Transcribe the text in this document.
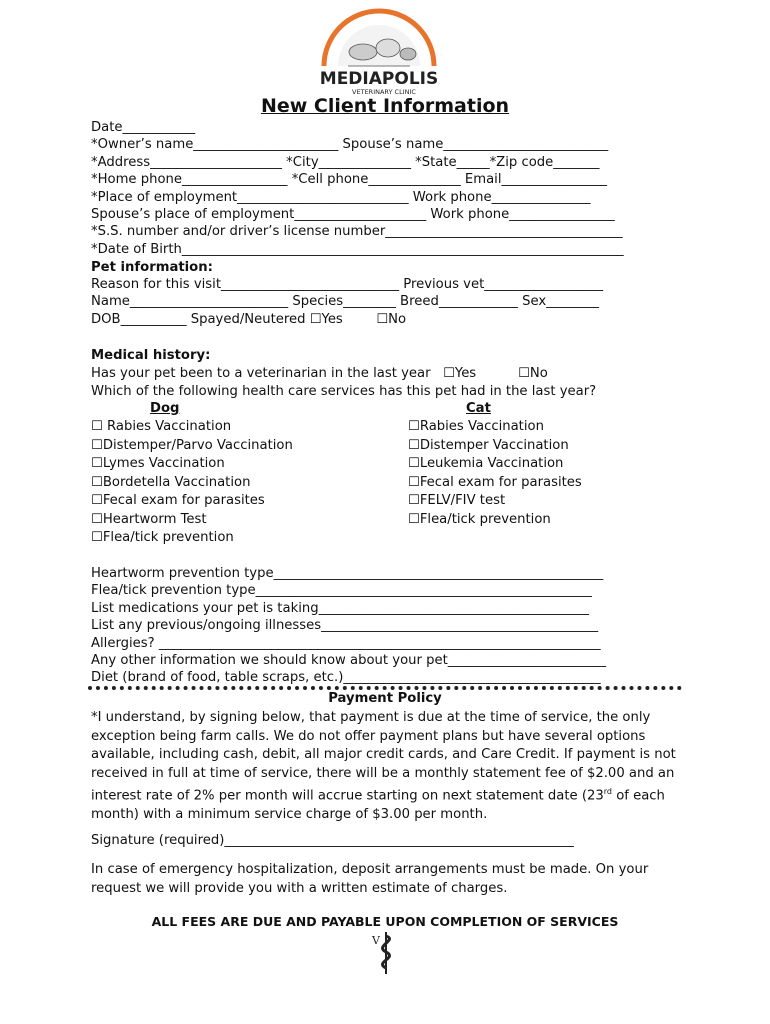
MEDIAPOLIS
VETERINARY CLINIC
New Client Information
Date___________
*Owner’s name______________________ Spouse’s name_________________________
*Address____________________ *City______________ *State_____*Zip code_______
*Home phone________________ *Cell phone______________ Email________________
*Place of employment__________________________ Work phone_______________
Spouse’s place of employment____________________ Work phone________________
*S.S. number and/or driver’s license number____________________________________
*Date of Birth___________________________________________________________________
Pet information:
Reason for this visit___________________________ Previous vet__________________
Name________________________ Species________ Breed____________ Sex________
DOB__________ Spayed/Neutered ☐Yes        ☐No
Medical history:
Has your pet been to a veterinarian in the last year   ☐Yes          ☐No
Which of the following health care services has this pet had in the last year?
Dog	Cat
☐ Rabies Vaccination
☐Distemper/Parvo Vaccination
☐Lymes Vaccination
☐Bordetella Vaccination
☐Fecal exam for parasites
☐Heartworm Test
☐Flea/tick prevention
☐Rabies Vaccination
☐Distemper Vaccination
☐Leukemia Vaccination
☐Fecal exam for parasites
☐FELV/FIV test
☐Flea/tick prevention
Heartworm prevention type__________________________________________________
Flea/tick prevention type___________________________________________________
List medications your pet is taking_________________________________________
List any previous/ongoing illnesses__________________________________________
Allergies? ___________________________________________________________________
Any other information we should know about your pet________________________
Diet (brand of food, table scraps, etc.)_______________________________________
Payment Policy
*I understand, by signing below, that payment is due at the time of service, the only exception being farm calls. We do not offer payment plans but have several options available, including cash, debit, all major credit cards, and Care Credit. If payment is not received in full at time of service, there will be a monthly statement fee of $2.00 and an interest rate of 2% per month will accrue starting on next statement date (23rd of each month) with a minimum service charge of $3.00 per month.
Signature (required)_____________________________________________________
In case of emergency hospitalization, deposit arrangements must be made. On your request we will provide you with a written estimate of charges.
ALL FEES ARE DUE AND PAYABLE UPON COMPLETION OF SERVICES
V
